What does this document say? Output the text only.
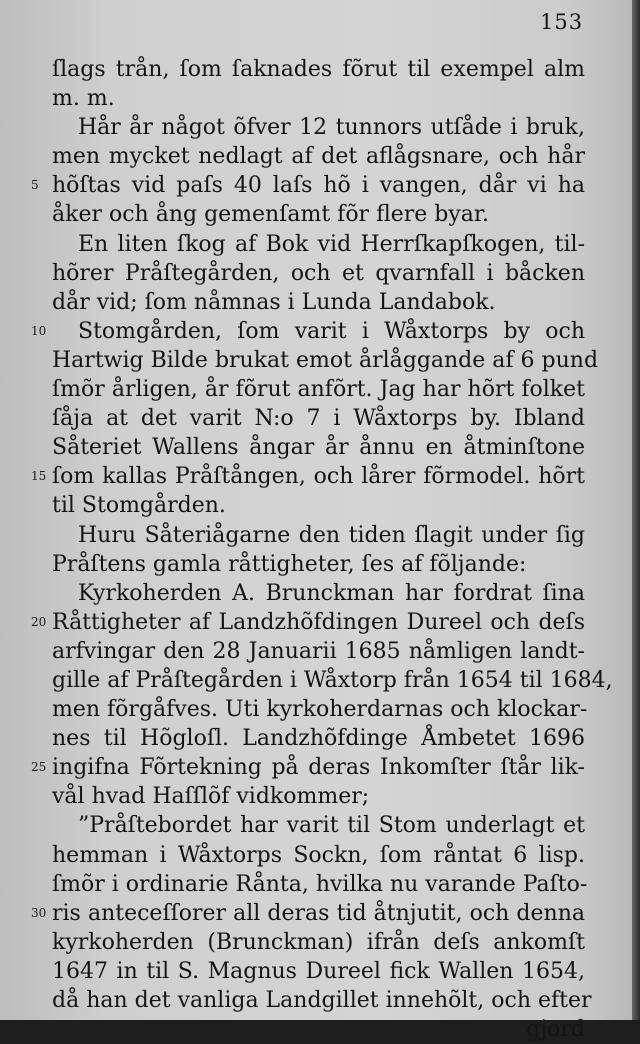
153

ſlags trån, ſom ſaknades fõrut til exempel alm
m. m.
Hår år något õfver 12 tunnors utſåde i bruk,
men mycket nedlagt af det aflågsnare, och hår
5 hõſtas vid paſs 40 laſs hõ i vangen, dår vi ha
åker och ång gemenſamt fõr flere byar.
En liten ſkog af Bok vid Herrſkapſkogen, til-
hõrer Pråſtegården, och et qvarnfall i båcken
dår vid; ſom nåmnas i Lunda Landabok.
10 Stomgården, ſom varit i Wåxtorps by och
Hartwig Bilde brukat emot årlåggande af 6 pund
ſmõr årligen, år fõrut anfõrt. Jag har hõrt folket
ſåja at det varit N:o 7 i Wåxtorps by. Ibland
Såteriet Wallens ångar år ånnu en åtminſtone
15 ſom kallas Pråſtången, och lårer fõrmodel. hõrt
til Stomgården.
Huru Såteriågarne den tiden ſlagit under ſig
Pråſtens gamla råttigheter, ſes af fõljande:
Kyrkoherden A. Brunckman har fordrat ſina
20 Råttigheter af Landzhõfdingen Dureel och deſs
arfvingar den 28 Januarii 1685 nåmligen landt-
gille af Pråſtegården i Wåxtorp från 1654 til 1684,
men fõrgåfves. Uti kyrkoherdarnas och klockar-
nes til Hõgloſl. Landzhõfdinge Åmbetet 1696
25 ingifna Fõrtekning på deras Inkomſter ſtår lik-
vål hvad Haſſlõf vidkommer;
”Pråſtebordet har varit til Stom underlagt et
hemman i Wåxtorps Sockn, ſom råntat 6 lisp.
ſmõr i ordinarie Rånta, hvilka nu varande Paſto-
30 ris anteceſſorer all deras tid åtnjutit, och denna
kyrkoherden (Brunckman) ifrån deſs ankomſt
1647 in til S. Magnus Dureel fick Wallen 1654,
då han det vanliga Landgillet innehõlt, och efter
gjord
